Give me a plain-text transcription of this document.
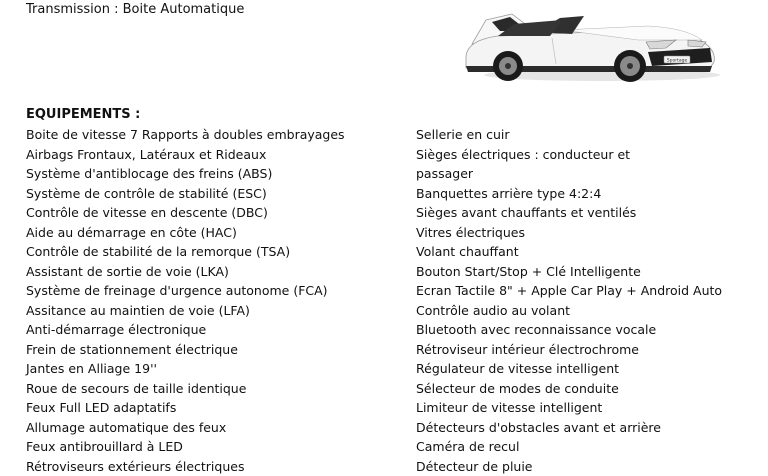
Transmission : Boite Automatique
Sportage
EQUIPEMENTS :
Boite de vitesse 7 Rapports à doubles embrayages
Airbags Frontaux, Latéraux et Rideaux
Système d'antiblocage des freins (ABS)
Système de contrôle de stabilité (ESC)
Contrôle de vitesse en descente (DBC)
Aide au démarrage en côte (HAC)
Contrôle de stabilité de la remorque (TSA)
Assistant de sortie de voie (LKA)
Système de freinage d'urgence autonome (FCA)
Assitance au maintien de voie (LFA)
Anti-démarrage électronique
Frein de stationnement électrique
Jantes en Alliage 19''
Roue de secours de taille identique
Feux Full LED adaptatifs
Allumage automatique des feux
Feux antibrouillard à LED
Rétroviseurs extérieurs électriques
Sellerie en cuir
Sièges électriques : conducteur et
passager
Banquettes arrière type 4:2:4
Sièges avant chauffants et ventilés
Vitres électriques
Volant chauffant
Bouton Start/Stop + Clé Intelligente
Ecran Tactile 8" + Apple Car Play + Android Auto
Contrôle audio au volant
Bluetooth avec reconnaissance vocale
Rétroviseur intérieur électrochrome
Régulateur de vitesse intelligent
Sélecteur de modes de conduite
Limiteur de vitesse intelligent
Détecteurs d'obstacles avant et arrière
Caméra de recul
Détecteur de pluie
